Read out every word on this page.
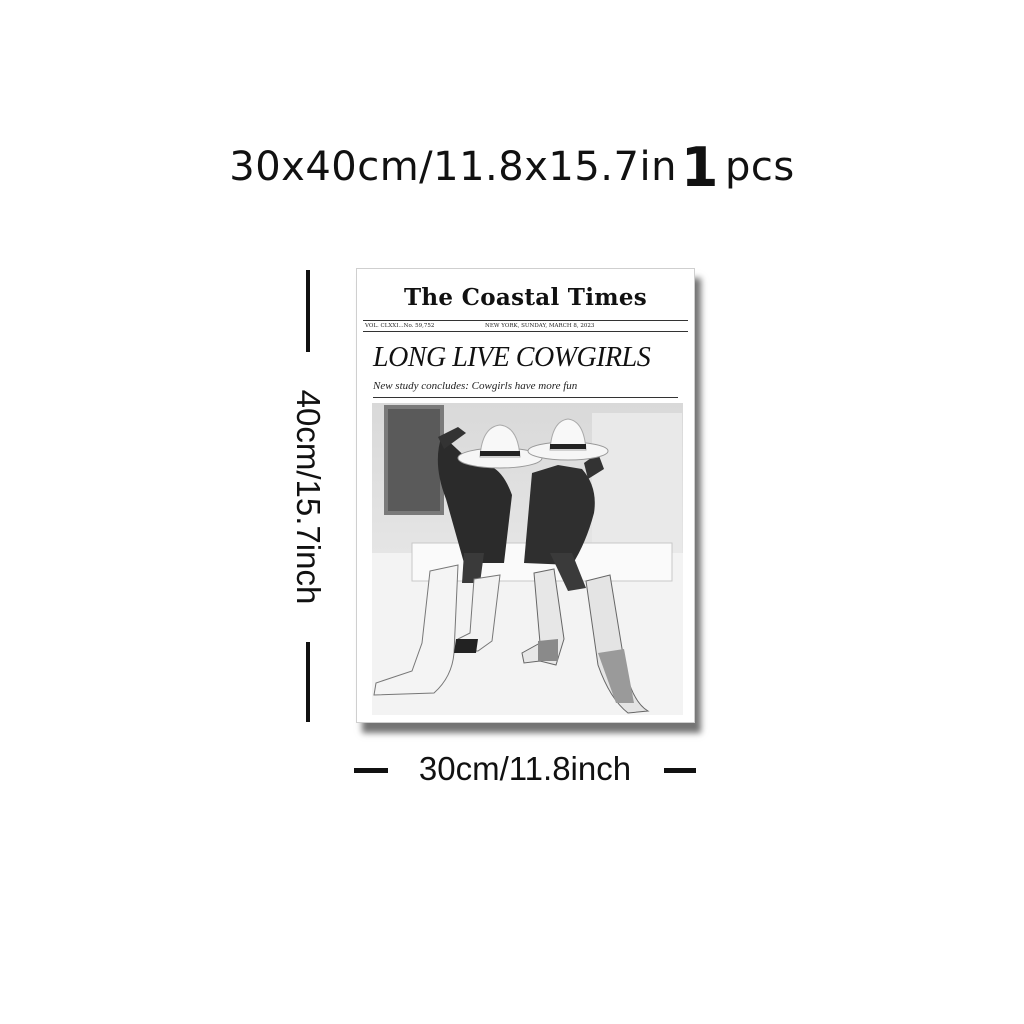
30x40cm/11.8x15.7in1 pcs
40cm/15.7inch
The Coastal Times
VOL. CLXXI...No. 59,752	NEW YORK, SUNDAY, MARCH 8, 2023
LONG LIVE COWGIRLS
New study concludes: Cowgirls have more fun
30cm/11.8inch
